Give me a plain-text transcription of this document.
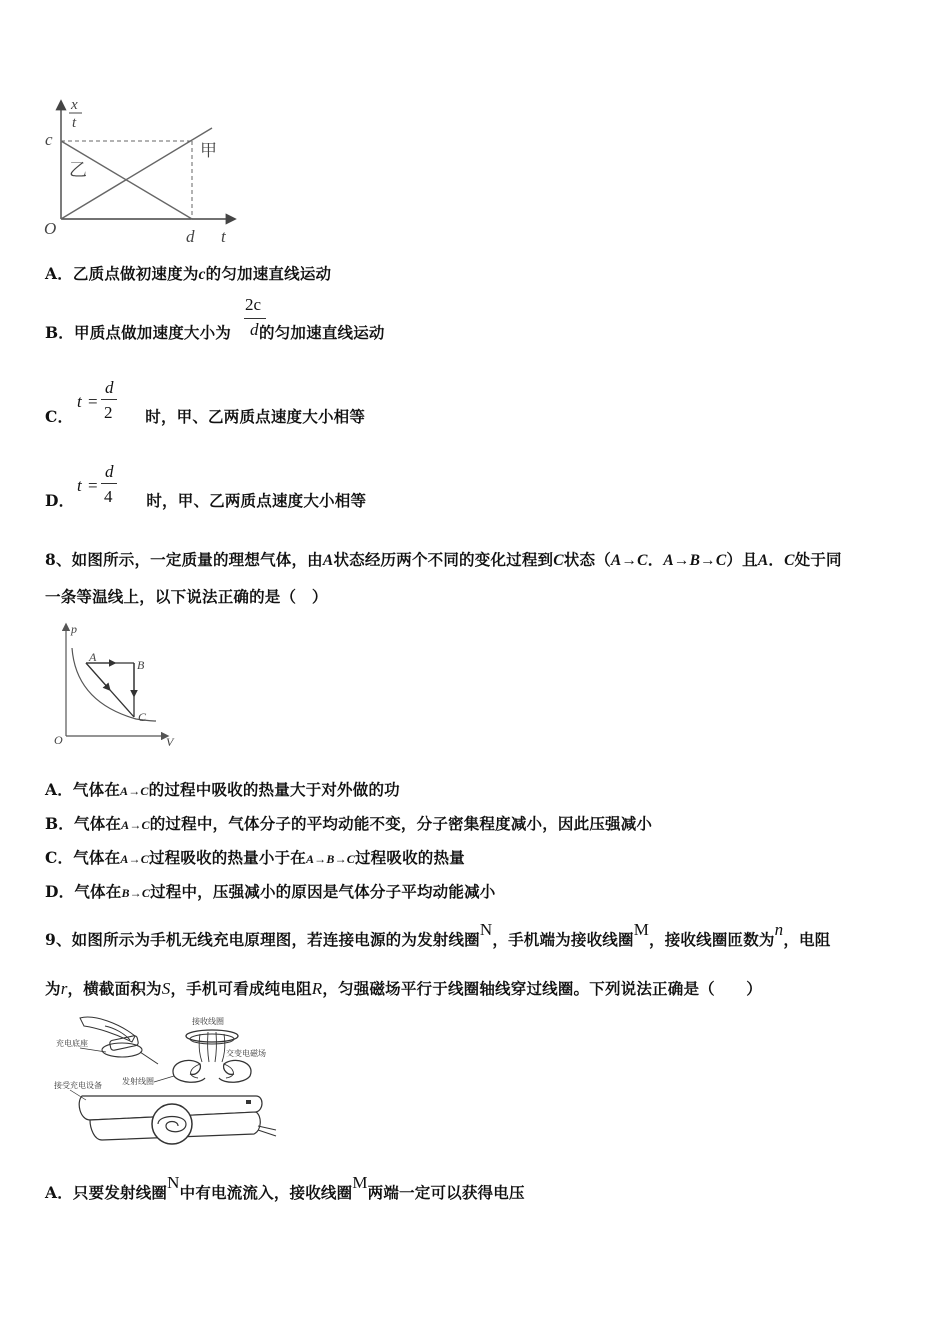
x
t
c
O	d t
甲
乙
A．乙质点做初速度为c的匀加速直线运动
B．甲质点做加速度大小为 的匀加速直线运动
2c
d
C．	时，甲、乙两质点速度大小相等
t =
d
2
D．	时，甲、乙两质点速度大小相等
t =
d
4
8、如图所示，一定质量的理想气体，由A状态经历两个不同的变化过程到C状态（A→C．A→B→C）且A．C处于同
一条等温线上，以下说法正确的是（　）
p
V
O
A
B
C
A．气体在A→C的过程中吸收的热量大于对外做的功
B．气体在A→C的过程中，气体分子的平均动能不变，分子密集程度减小，因此压强减小
C．气体在A→C过程吸收的热量小于在A→B→C过程吸收的热量
D．气体在B→C过程中，压强减小的原因是气体分子平均动能减小
9、如图所示为手机无线充电原理图，若连接电源的为发射线圈N，手机端为接收线圈M，接收线圈匝数为n，电阻
为r，横截面积为S，手机可看成纯电阻R，匀强磁场平行于线圈轴线穿过线圈。下列说法正确是（　　）
接收线圈
充电底座
交变电磁场
发射线圈
接受充电设备
A．只要发射线圈N中有电流流入，接收线圈M两端一定可以获得电压
